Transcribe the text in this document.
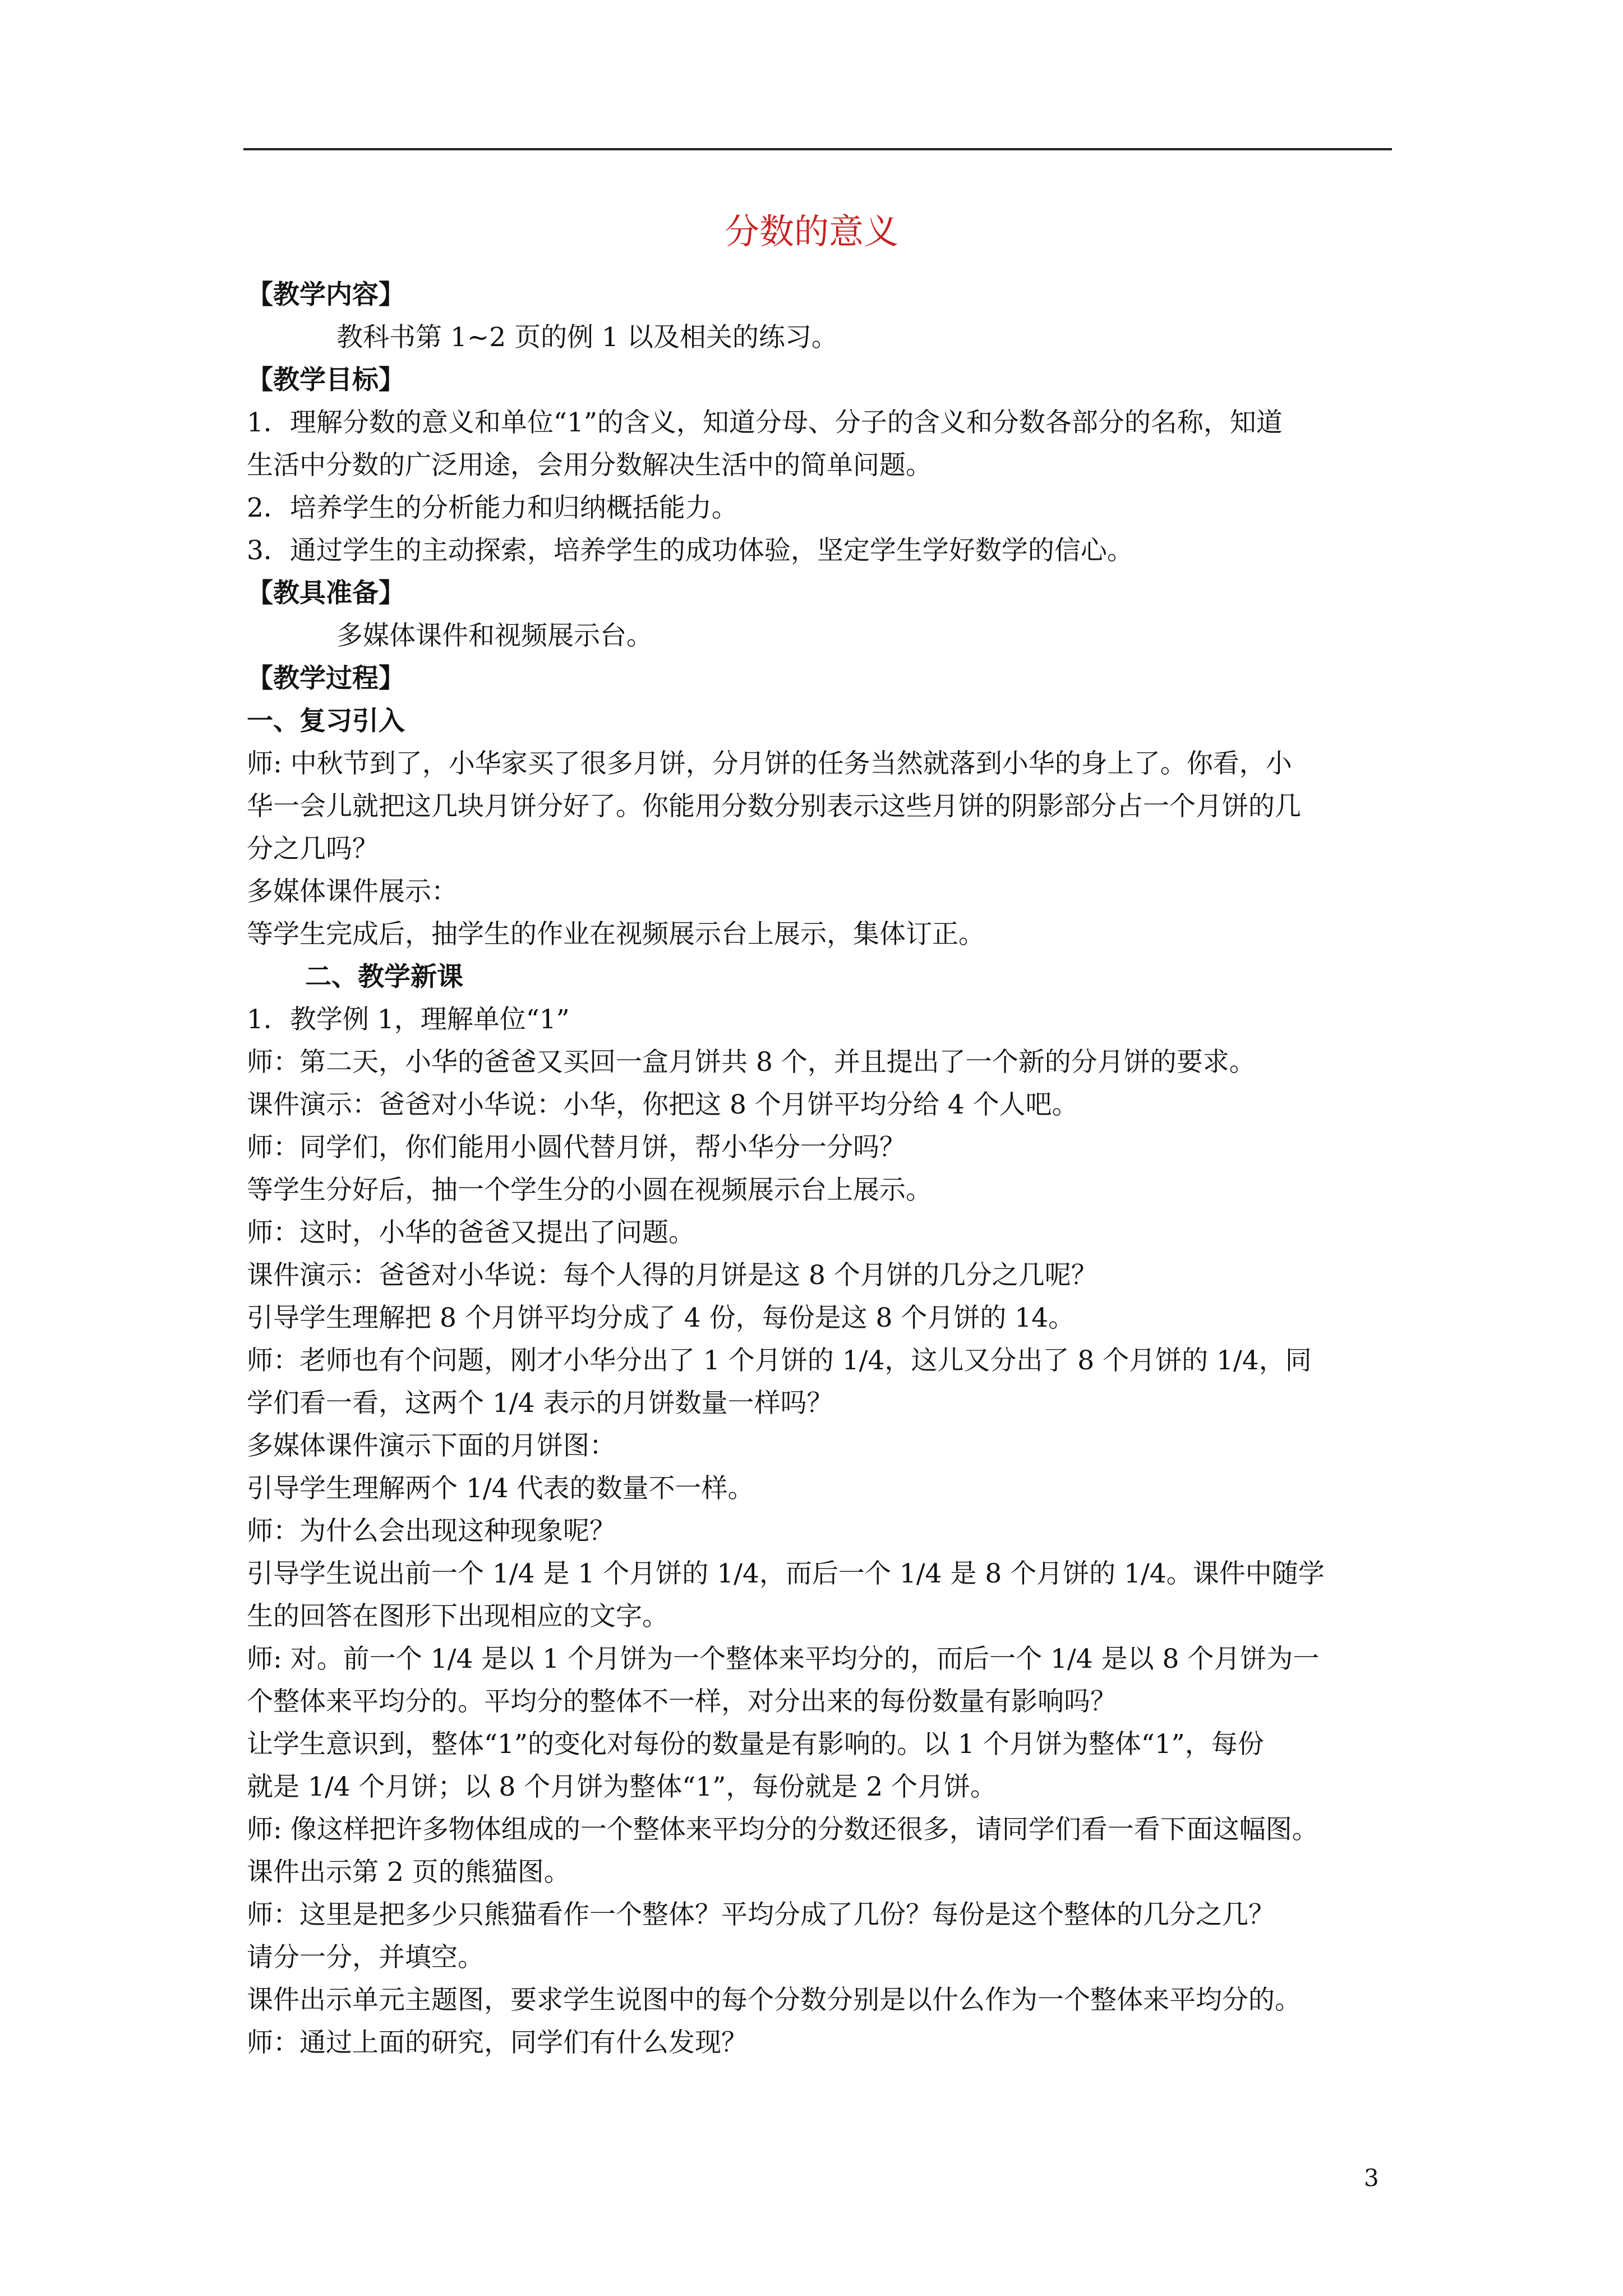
分数的意义
【教学内容】
教科书第 1~2 页的例 1 以及相关的练习。
【教学目标】
1．理解分数的意义和单位“1”的含义，知道分母、分子的含义和分数各部分的名称，知道
生活中分数的广泛用途，会用分数解决生活中的简单问题。
2．培养学生的分析能力和归纳概括能力。
3．通过学生的主动探索，培养学生的成功体验，坚定学生学好数学的信心。
【教具准备】
多媒体课件和视频展示台。
【教学过程】
一、复习引入
师: 中秋节到了，小华家买了很多月饼，分月饼的任务当然就落到小华的身上了。你看，小
华一会儿就把这几块月饼分好了。你能用分数分别表示这些月饼的阴影部分占一个月饼的几
分之几吗？
多媒体课件展示：
等学生完成后，抽学生的作业在视频展示台上展示，集体订正。
二、教学新课
1．教学例 1，理解单位“1”
师：第二天，小华的爸爸又买回一盒月饼共 8 个，并且提出了一个新的分月饼的要求。
课件演示：爸爸对小华说：小华，你把这 8 个月饼平均分给 4 个人吧。
师：同学们，你们能用小圆代替月饼，帮小华分一分吗？
等学生分好后，抽一个学生分的小圆在视频展示台上展示。
师：这时，小华的爸爸又提出了问题。
课件演示：爸爸对小华说：每个人得的月饼是这 8 个月饼的几分之几呢？
引导学生理解把 8 个月饼平均分成了 4 份，每份是这 8 个月饼的 14。
师：老师也有个问题，刚才小华分出了 1 个月饼的 1/4，这儿又分出了 8 个月饼的 1/4，同
学们看一看，这两个 1/4 表示的月饼数量一样吗？
多媒体课件演示下面的月饼图：
引导学生理解两个 1/4 代表的数量不一样。
师：为什么会出现这种现象呢？
引导学生说出前一个 1/4 是 1 个月饼的 1/4，而后一个 1/4 是 8 个月饼的 1/4。课件中随学
生的回答在图形下出现相应的文字。
师: 对。前一个 1/4 是以 1 个月饼为一个整体来平均分的，而后一个 1/4 是以 8 个月饼为一
个整体来平均分的。平均分的整体不一样，对分出来的每份数量有影响吗？
让学生意识到，整体“1”的变化对每份的数量是有影响的。以 1 个月饼为整体“1”，每份
就是 1/4 个月饼；以 8 个月饼为整体“1”，每份就是 2 个月饼。
师: 像这样把许多物体组成的一个整体来平均分的分数还很多，请同学们看一看下面这幅图。
课件出示第 2 页的熊猫图。
师：这里是把多少只熊猫看作一个整体？平均分成了几份？每份是这个整体的几分之几？
请分一分，并填空。
课件出示单元主题图，要求学生说图中的每个分数分别是以什么作为一个整体来平均分的。
师：通过上面的研究，同学们有什么发现？
3
